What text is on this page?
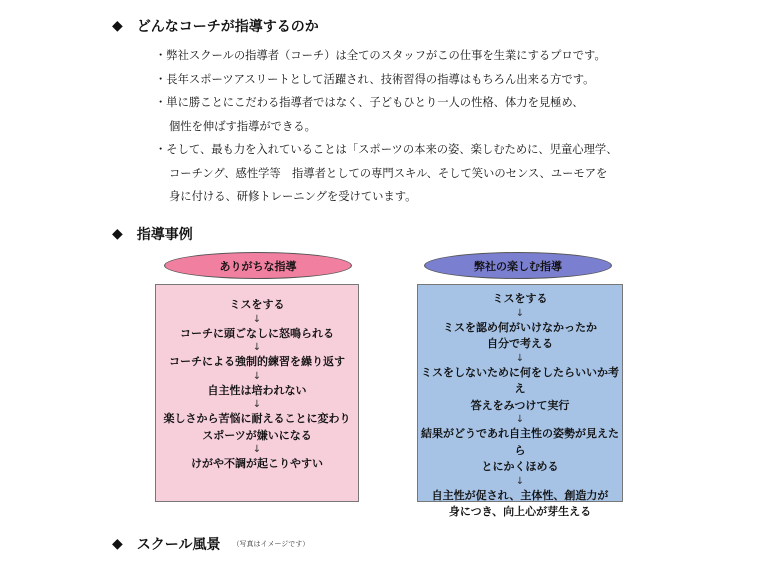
◆ どんなコーチが指導するのか
・弊社スクールの指導者（コーチ）は全てのスタッフがこの仕事を生業にするプロです。
・長年スポーツアスリートとして活躍され、技術習得の指導はもちろん出来る方です。
・単に勝ことにこだわる指導者ではなく、子どもひとり一人の性格、体力を見極め、
個性を伸ばす指導ができる。
・そして、最も力を入れていることは「スポーツの本来の姿、楽しむために、児童心理学、
コーチング、感性学等　指導者としての専門スキル、そして笑いのセンス、ユーモアを
身に付ける、研修トレーニングを受けています。
◆ 指導事例
ありがちな指導	弊社の楽しむ指導
ミスをする
↓
コーチに頭ごなしに怒鳴られる
↓
コーチによる強制的練習を繰り返す
↓
自主性は培われない
↓
楽しさから苦悩に耐えることに変わり
スポーツが嫌いになる
↓
けがや不調が起こりやすい
ミスをする
↓
ミスを認め何がいけなかったか
自分で考える
↓
ミスをしないために何をしたらいいか考え
答えをみつけて実行
↓
結果がどうであれ自主性の姿勢が見えたら
とにかくほめる
↓
自主性が促され、主体性、創造力が
身につき、向上心が芽生える
◆ スクール風景 （写真はイメージです）
